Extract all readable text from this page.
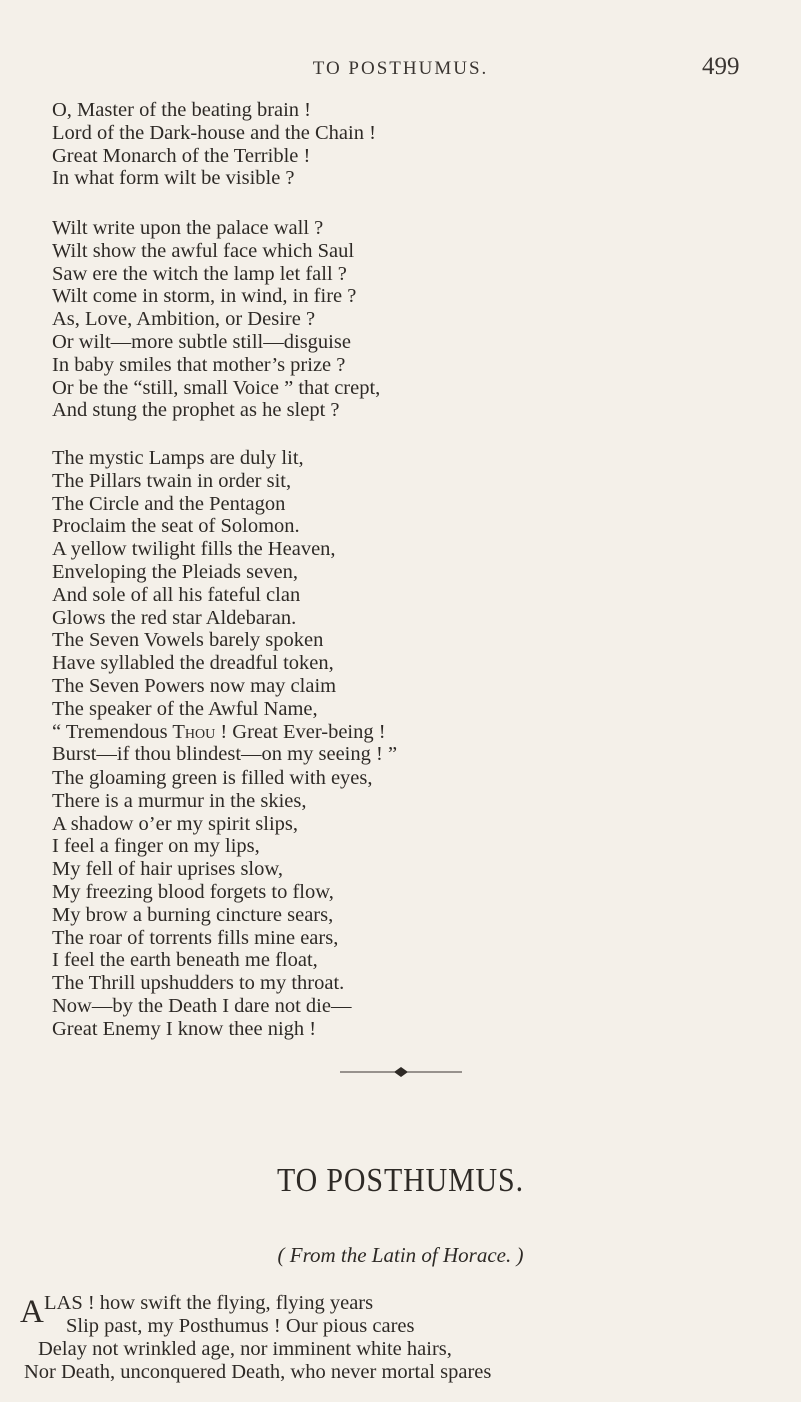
TO POSTHUMUS.	499
O, Master of the beating brain !
Lord of the Dark-house and the Chain !
Great Monarch of the Terrible !
In what form wilt be visible ?
Wilt write upon the palace wall ?
Wilt show the awful face which Saul
Saw ere the witch the lamp let fall ?
Wilt come in storm, in wind, in fire ?
As, Love, Ambition, or Desire ?
Or wilt—more subtle still—disguise
In baby smiles that mother’s prize ?
Or be the “still, small Voice ” that crept,
And stung the prophet as he slept ?
The mystic Lamps are duly lit,
The Pillars twain in order sit,
The Circle and the Pentagon
Proclaim the seat of Solomon.
A yellow twilight fills the Heaven,
Enveloping the Pleiads seven,
And sole of all his fateful clan
Glows the red star Aldebaran.
The Seven Vowels barely spoken
Have syllabled the dreadful token,
The Seven Powers now may claim
The speaker of the Awful Name,
“ Tremendous Thou ! Great Ever-being !
Burst—if thou blindest—on my seeing ! ”
The gloaming green is filled with eyes,
There is a murmur in the skies,
A shadow o’er my spirit slips,
I feel a finger on my lips,
My fell of hair uprises slow,
My freezing blood forgets to flow,
My brow a burning cincture sears,
The roar of torrents fills mine ears,
I feel the earth beneath me float,
The Thrill upshudders to my throat.
Now—by the Death I dare not die—
Great Enemy I know thee nigh !
TO POSTHUMUS.
( From the Latin of Horace. )
A LAS ! how swift the flying, flying years
Slip past, my Posthumus ! Our pious cares
Delay not wrinkled age, nor imminent white hairs,
Nor Death, unconquered Death, who never mortal spares
